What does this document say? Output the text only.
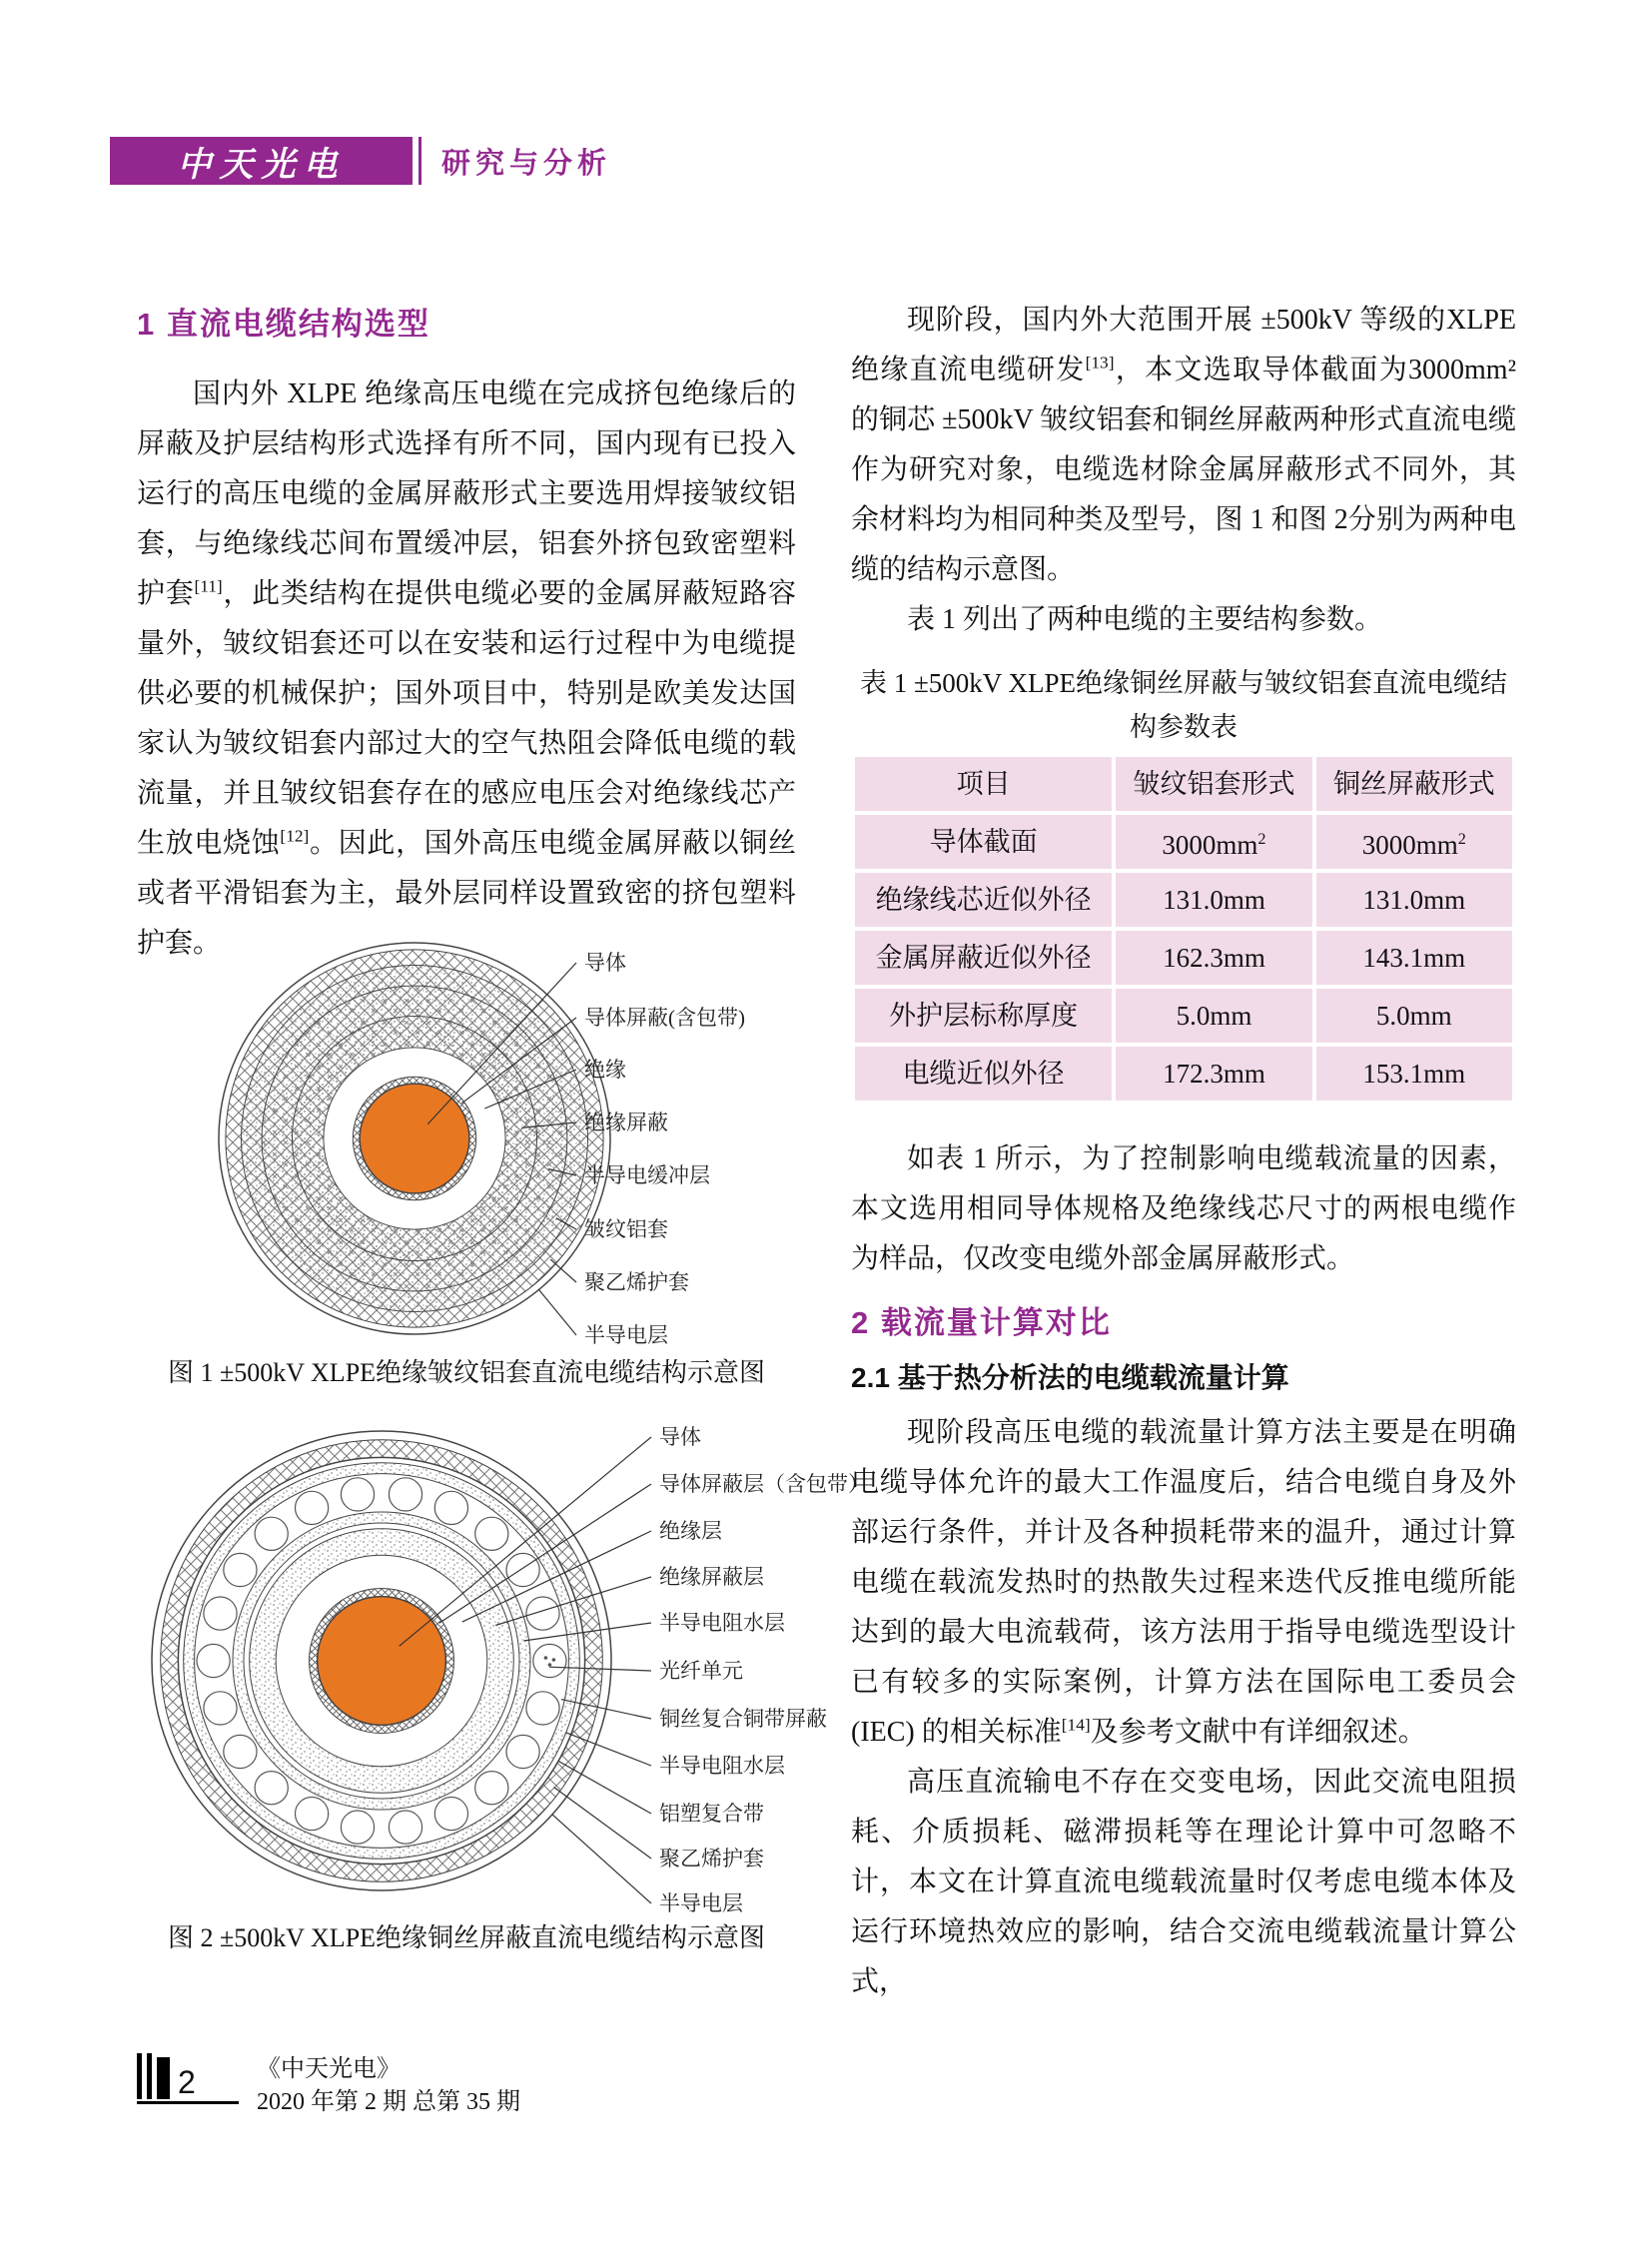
中天光电	研究与分析
1 直流电缆结构选型

国内外 XLPE 绝缘高压电缆在完成挤包绝缘后的屏蔽及护层结构形式选择有所不同，国内现有已投入运行的高压电缆的金属屏蔽形式主要选用焊接皱纹铝套，与绝缘线芯间布置缓冲层，铝套外挤包致密塑料护套[11]，此类结构在提供电缆必要的金属屏蔽短路容量外，皱纹铝套还可以在安装和运行过程中为电缆提供必要的机械保护；国外项目中，特别是欧美发达国家认为皱纹铝套内部过大的空气热阻会降低电缆的载流量，并且皱纹铝套存在的感应电压会对绝缘线芯产生放电烧蚀[12]。因此，国外高压电缆金属屏蔽以铜丝或者平滑铝套为主，最外层同样设置致密的挤包塑料护套。

导体
导体屏蔽(含包带)
绝缘
绝缘屏蔽
半导电缓冲层
皱纹铝套
聚乙烯护套
半导电层
图 1 ±500kV XLPE绝缘皱纹铝套直流电缆结构示意图
导体
导体屏蔽层（含包带）
绝缘层
绝缘屏蔽层
半导电阻水层
光纤单元
铜丝复合铜带屏蔽
半导电阻水层
铝塑复合带
聚乙烯护套
半导电层
图 2 ±500kV XLPE绝缘铜丝屏蔽直流电缆结构示意图

现阶段，国内外大范围开展 ±500kV 等级的XLPE 绝缘直流电缆研发[13]，本文选取导体截面为3000mm²的铜芯 ±500kV 皱纹铝套和铜丝屏蔽两种形式直流电缆作为研究对象，电缆选材除金属屏蔽形式不同外，其余材料均为相同种类及型号，图 1 和图 2分别为两种电缆的结构示意图。

表 1 列出了两种电缆的主要结构参数。

表 1 ±500kV XLPE绝缘铜丝屏蔽与皱纹铝套直流电缆结构参数表
项目	皱纹铝套形式	铜丝屏蔽形式
导体截面	$3000mm^2$	$3000mm^2$
绝缘线芯近似外径	131.0mm	131.0mm
金属屏蔽近似外径	162.3mm	143.1mm
外护层标称厚度	5.0mm	5.0mm
电缆近似外径	172.3mm	153.1mm

如表 1 所示，为了控制影响电缆载流量的因素，本文选用相同导体规格及绝缘线芯尺寸的两根电缆作为样品，仅改变电缆外部金属屏蔽形式。

2 载流量计算对比
2.1 基于热分析法的电缆载流量计算

现阶段高压电缆的载流量计算方法主要是在明确电缆导体允许的最大工作温度后，结合电缆自身及外部运行条件，并计及各种损耗带来的温升，通过计算电缆在载流发热时的热散失过程来迭代反推电缆所能达到的最大电流载荷，该方法用于指导电缆选型设计已有较多的实际案例，计算方法在国际电工委员会(IEC) 的相关标准[14]及参考文献中有详细叙述。

高压直流输电不存在交变电场，因此交流电阻损耗、介质损耗、磁滞损耗等在理论计算中可忽略不计，本文在计算直流电缆载流量时仅考虑电缆本体及运行环境热效应的影响，结合交流电缆载流量计算公式，

2	《中天光电》
2020 年第 2 期 总第 35 期
